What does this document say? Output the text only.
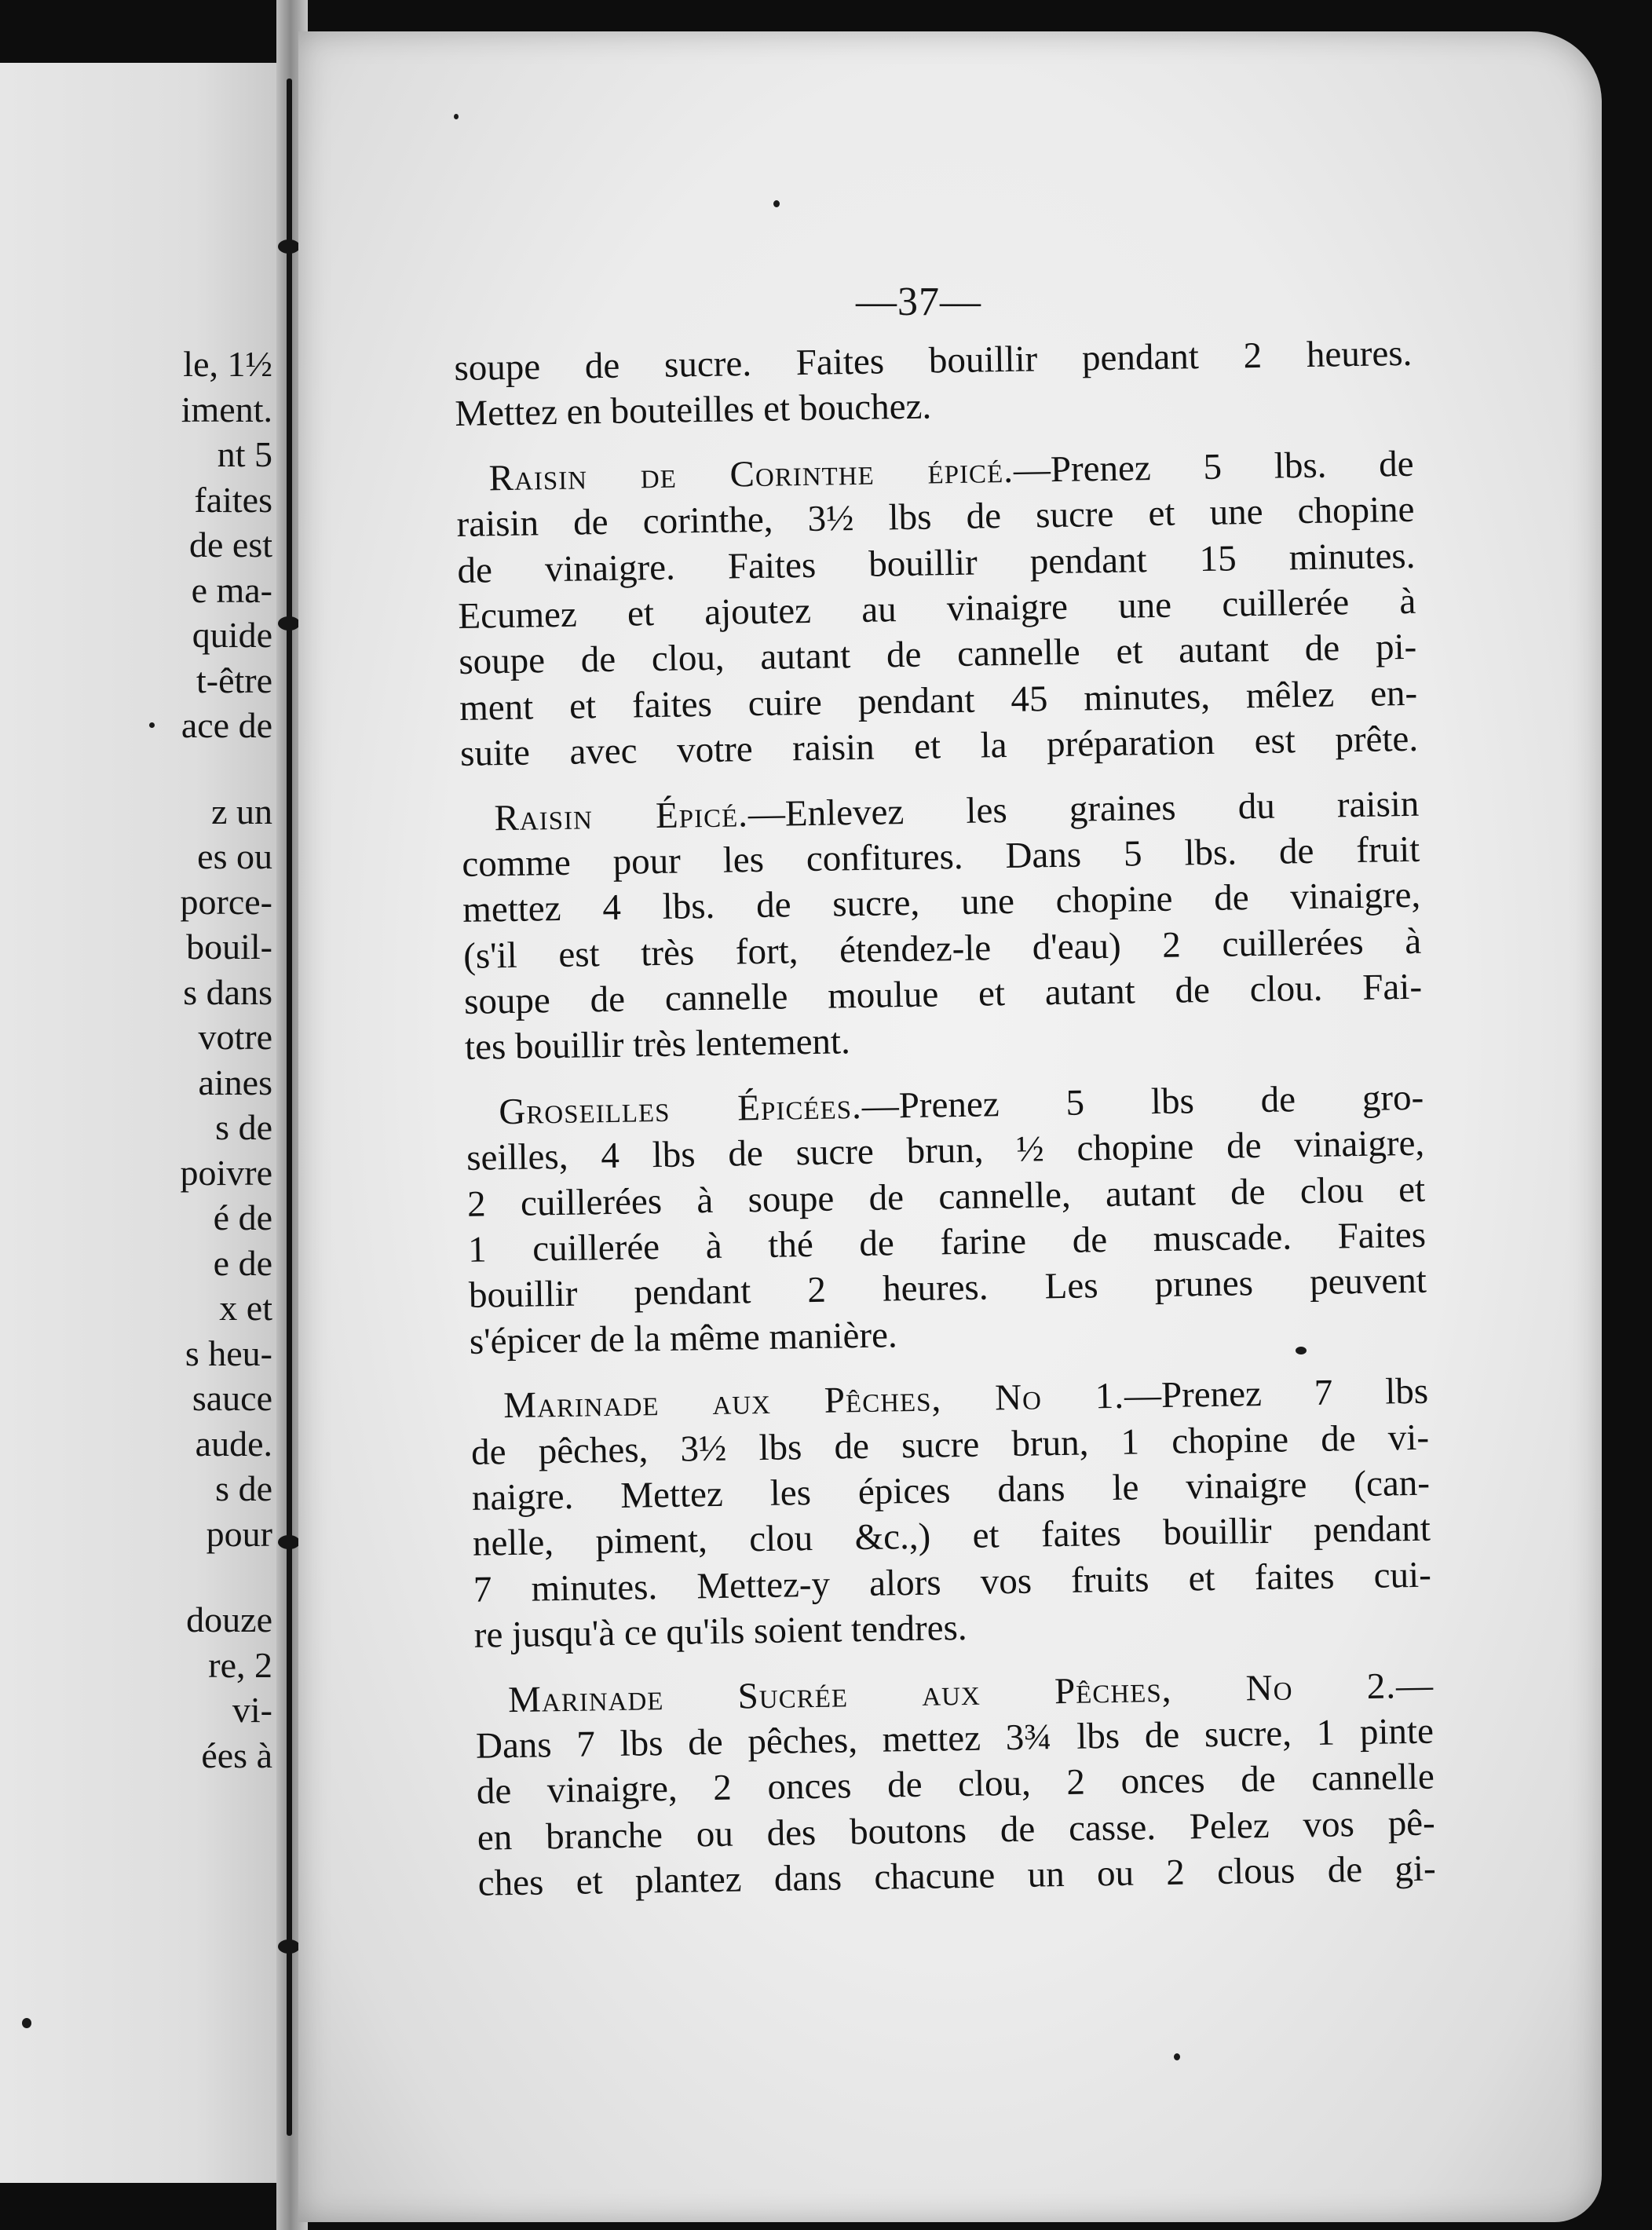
le, 1½
iment.
nt 5
faites
de est
e ma-
quide
t-être
ace de
z un
es ou
porce-
bouil-
s dans
votre
aines
s de
poivre
é de
e de
x et
s heu-
sauce
aude.
s de
pour
douze
re, 2
vi-
ées à
—37—
soupe de sucre. Faites bouillir pendant 2 heures.
Mettez en bouteilles et bouchez.
Raisin de Corinthe épicé.—Prenez 5 lbs. de
raisin de corinthe, 3½ lbs de sucre et une chopine
de vinaigre. Faites bouillir pendant 15 minutes.
Ecumez et ajoutez au vinaigre une cuillerée à
soupe de clou, autant de cannelle et autant de pi-
ment et faites cuire pendant 45 minutes, mêlez en-
suite avec votre raisin et la préparation est prête.
Raisin Épicé.—Enlevez les graines du raisin
comme pour les confitures. Dans 5 lbs. de fruit
mettez 4 lbs. de sucre, une chopine de vinaigre,
(s'il est très fort, étendez-le d'eau) 2 cuillerées à
soupe de cannelle moulue et autant de clou. Fai-
tes bouillir très lentement.
Groseilles Épicées.—Prenez 5 lbs de gro-
seilles, 4 lbs de sucre brun, ½ chopine de vinaigre,
2 cuillerées à soupe de cannelle, autant de clou et
1 cuillerée à thé de farine de muscade. Faites
bouillir pendant 2 heures. Les prunes peuvent
s'épicer de la même manière.
Marinade aux Pêches, No 1.—Prenez 7 lbs
de pêches, 3½ lbs de sucre brun, 1 chopine de vi-
naigre. Mettez les épices dans le vinaigre (can-
nelle, piment, clou &c.,) et faites bouillir pendant
7 minutes. Mettez-y alors vos fruits et faites cui-
re jusqu'à ce qu'ils soient tendres.
Marinade Sucrée aux Pêches, No 2.—
Dans 7 lbs de pêches, mettez 3¾ lbs de sucre, 1 pinte
de vinaigre, 2 onces de clou, 2 onces de cannelle
en branche ou des boutons de casse. Pelez vos pê-
ches et plantez dans chacune un ou 2 clous de gi-
